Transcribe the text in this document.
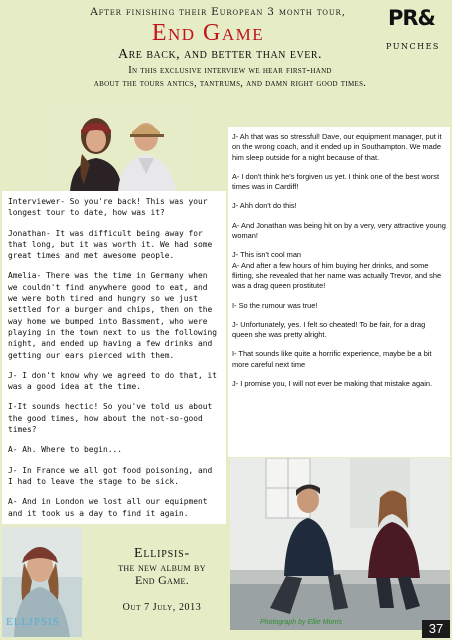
After finishing their European 3 month tour,
End Game
Are back, and better than ever.
In this exclusive interview we hear first-hand
about the tours antics, tantrums, and damn right good times.
PR&
PUNCHES

Interviewer- So you're back! This was your longest tour to date, how was it?

Jonathan- It was difficult being away for that long, but it was worth it. We had some great times and met awesome people.

Amelia- There was the time in Germany when we couldn't find anywhere good to eat, and we were both tired and hungry so we just settled for a burger and chips, then on the way home we bumped into Bassment, who were playing in the town next to us the following night, and ended up having a few drinks and getting our ears pierced with them.

J- I don't know why we agreed to do that, it was a good idea at the time.

I-It sounds hectic! So you've told us about the good times, how about the not-so-good times?

A- Ah. Where to begin...

J- In France we all got food poisoning, and I had to leave the stage to be sick.

A- And in London we lost all our equipment and it took us a day to find it again.

J- Ah that was so stressful! Dave, our equipment manager, put it on the wrong coach, and it ended up in Southampton. We made him sleep outside for a night because of that.

A- I don't think he's forgiven us yet. I think one of the best worst times was in Cardiff!

J- Ahh don't do this!

A- And Jonathan was being hit on by a very, very attractive young woman!

J- This isn't cool man
A- And after a few hours of him buying her drinks, and some flirting, she revealed that her name was actually Trevor, and she was a drag queen prostitute!

I- So the rumour was true!

J- Unfortunately, yes. I felt so cheated! To be fair, for a drag queen she was pretty alright.

I- That sounds like quite a horrific experience, maybe be a bit more careful next time

J- I promise you, I will not ever be making that mistake again.

Photograph by Ellie Morris
ELLIPSIS
Ellipsis-
the new album by
End Game.
Out 7 July, 2013
37
